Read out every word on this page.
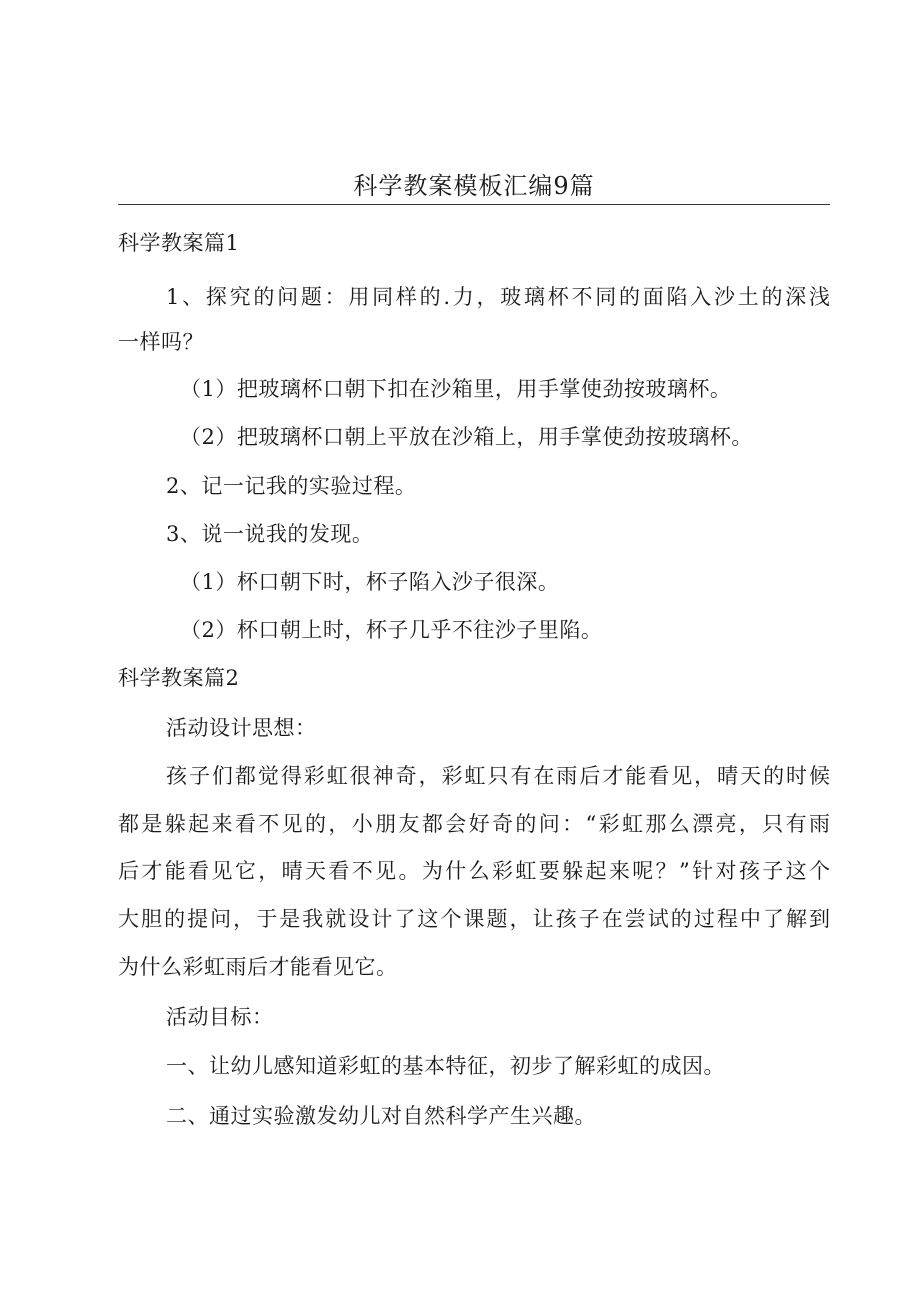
科学教案模板汇编9篇
科学教案篇1
1、探究的问题：用同样的.力，玻璃杯不同的面陷入沙土的深浅
一样吗？
（1）把玻璃杯口朝下扣在沙箱里，用手掌使劲按玻璃杯。
（2）把玻璃杯口朝上平放在沙箱上，用手掌使劲按玻璃杯。
2、记一记我的实验过程。
3、说一说我的发现。
（1）杯口朝下时，杯子陷入沙子很深。
（2）杯口朝上时，杯子几乎不往沙子里陷。
科学教案篇2
活动设计思想：
孩子们都觉得彩虹很神奇，彩虹只有在雨后才能看见，晴天的时候
都是躲起来看不见的，小朋友都会好奇的问：“彩虹那么漂亮，只有雨
后才能看见它，晴天看不见。为什么彩虹要躲起来呢？”针对孩子这个
大胆的提问，于是我就设计了这个课题，让孩子在尝试的过程中了解到
为什么彩虹雨后才能看见它。
活动目标：
一、让幼儿感知道彩虹的基本特征，初步了解彩虹的成因。
二、通过实验激发幼儿对自然科学产生兴趣。
